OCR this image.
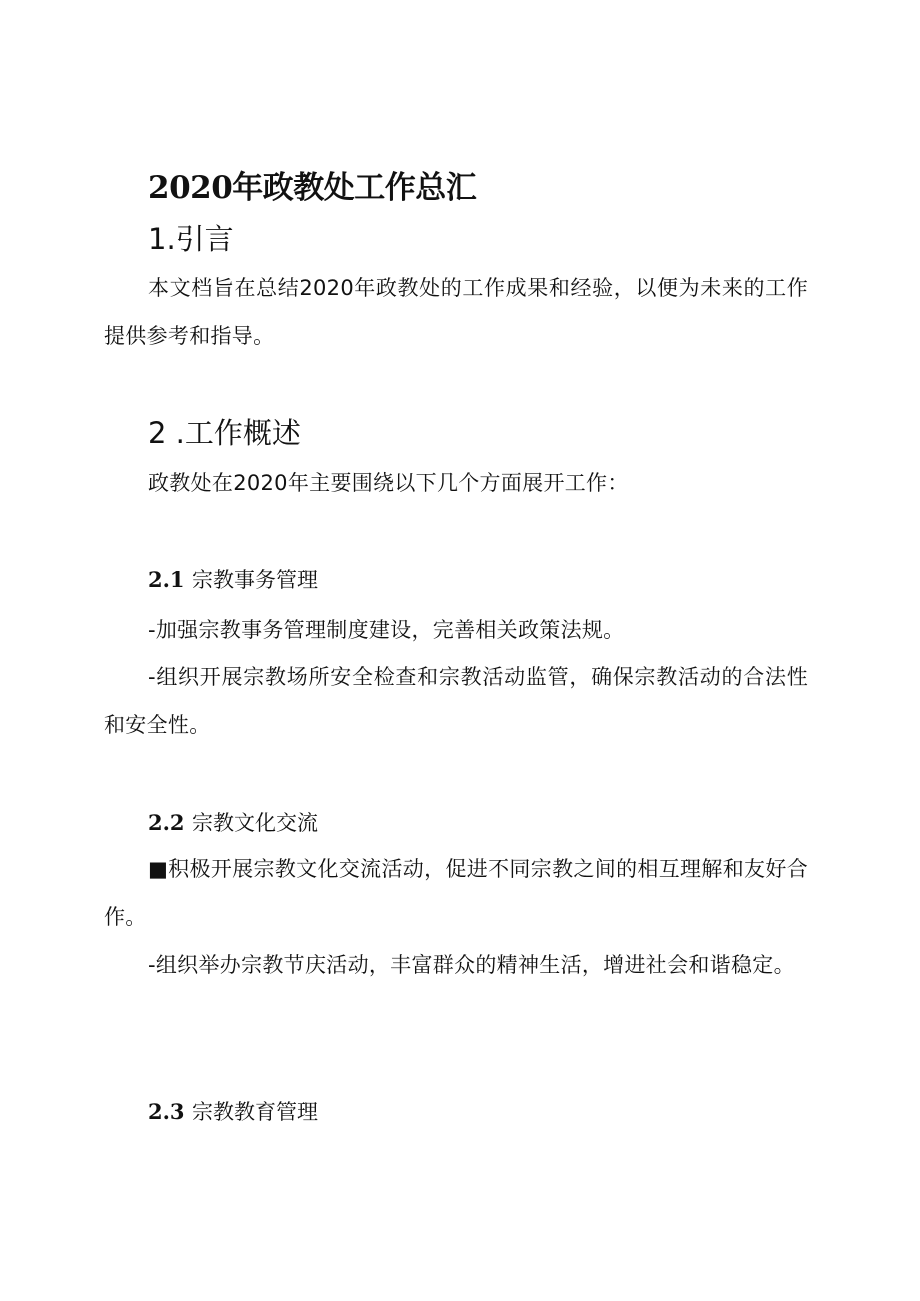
2020年政教处工作总汇
1.引言
本文档旨在总结2020年政教处的工作成果和经验，以便为未来的工作提供参考和指导。
2 .工作概述
政教处在2020年主要围绕以下几个方面展开工作：
2.1 宗教事务管理
-加强宗教事务管理制度建设，完善相关政策法规。
-组织开展宗教场所安全检查和宗教活动监管，确保宗教活动的合法性和安全性。
2.2 宗教文化交流
■积极开展宗教文化交流活动，促进不同宗教之间的相互理解和友好合作。
-组织举办宗教节庆活动，丰富群众的精神生活，增进社会和谐稳定。
2.3 宗教教育管理
